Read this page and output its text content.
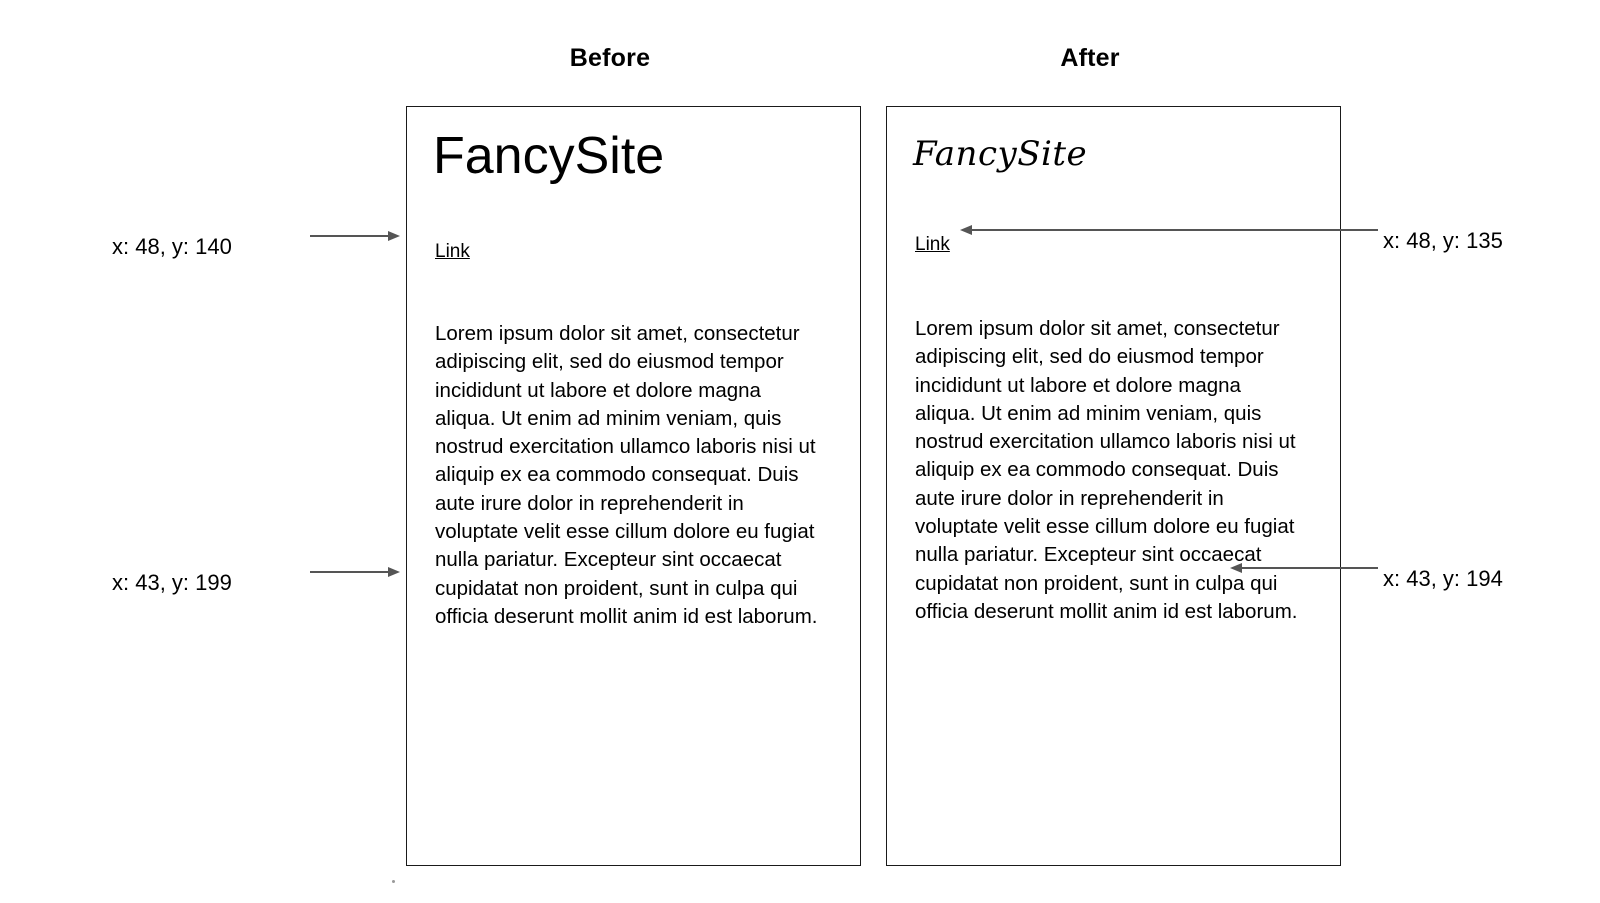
Before	After
FancySite
Link
Lorem ipsum dolor sit amet, consectetur adipiscing elit, sed do eiusmod tempor incididunt ut labore et dolore magna aliqua. Ut enim ad minim veniam, quis nostrud exercitation ullamco laboris nisi ut aliquip ex ea commodo consequat. Duis aute irure dolor in reprehenderit in voluptate velit esse cillum dolore eu fugiat nulla pariatur. Excepteur sint occaecat cupidatat non proident, sunt in culpa qui officia deserunt mollit anim id est laborum.
FancySite
Link
Lorem ipsum dolor sit amet, consectetur adipiscing elit, sed do eiusmod tempor incididunt ut labore et dolore magna aliqua. Ut enim ad minim veniam, quis nostrud exercitation ullamco laboris nisi ut aliquip ex ea commodo consequat. Duis aute irure dolor in reprehenderit in voluptate velit esse cillum dolore eu fugiat nulla pariatur. Excepteur sint occaecat cupidatat non proident, sunt in culpa qui officia deserunt mollit anim id est laborum.
x: 48, y: 140
x: 43, y: 199
x: 48, y: 135
x: 43, y: 194
